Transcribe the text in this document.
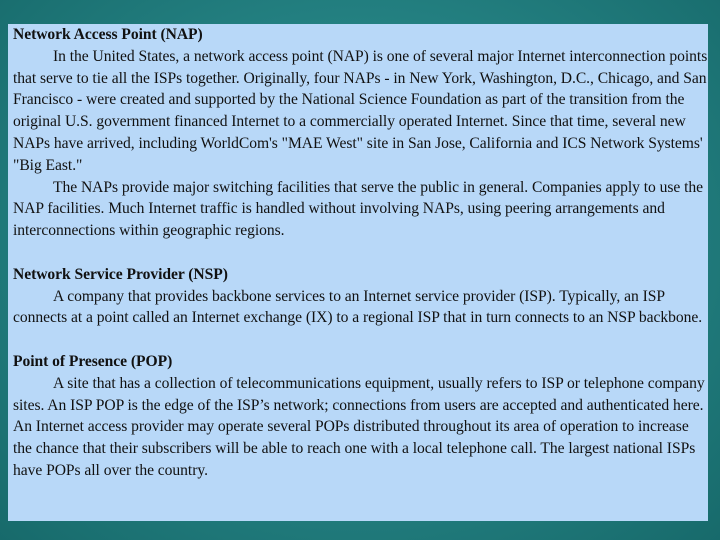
Network Access Point (NAP)

In the United States, a network access point (NAP) is one of several major Internet interconnection points that serve to tie all the ISPs together. Originally, four NAPs - in New York, Washington, D.C., Chicago, and San Francisco - were created and supported by the National Science Foundation as part of the transition from the original U.S. government financed Internet to a commercially operated Internet. Since that time, several new NAPs have arrived, including WorldCom's "MAE West" site in San Jose, California and ICS Network Systems' "Big East."

The NAPs provide major switching facilities that serve the public in general. Companies apply to use the NAP facilities. Much Internet traffic is handled without involving NAPs, using peering arrangements and interconnections within geographic regions.

Network Service Provider (NSP)

A company that provides backbone services to an Internet service provider (ISP). Typically, an ISP connects at a point called an Internet exchange (IX) to a regional ISP that in turn connects to an NSP backbone.

Point of Presence (POP)

A site that has a collection of telecommunications equipment, usually refers to ISP or telephone company sites. An ISP POP is the edge of the ISP’s network; connections from users are accepted and authenticated here. An Internet access provider may operate several POPs distributed throughout its area of operation to increase the chance that their subscribers will be able to reach one with a local telephone call. The largest national ISPs have POPs all over the country.
